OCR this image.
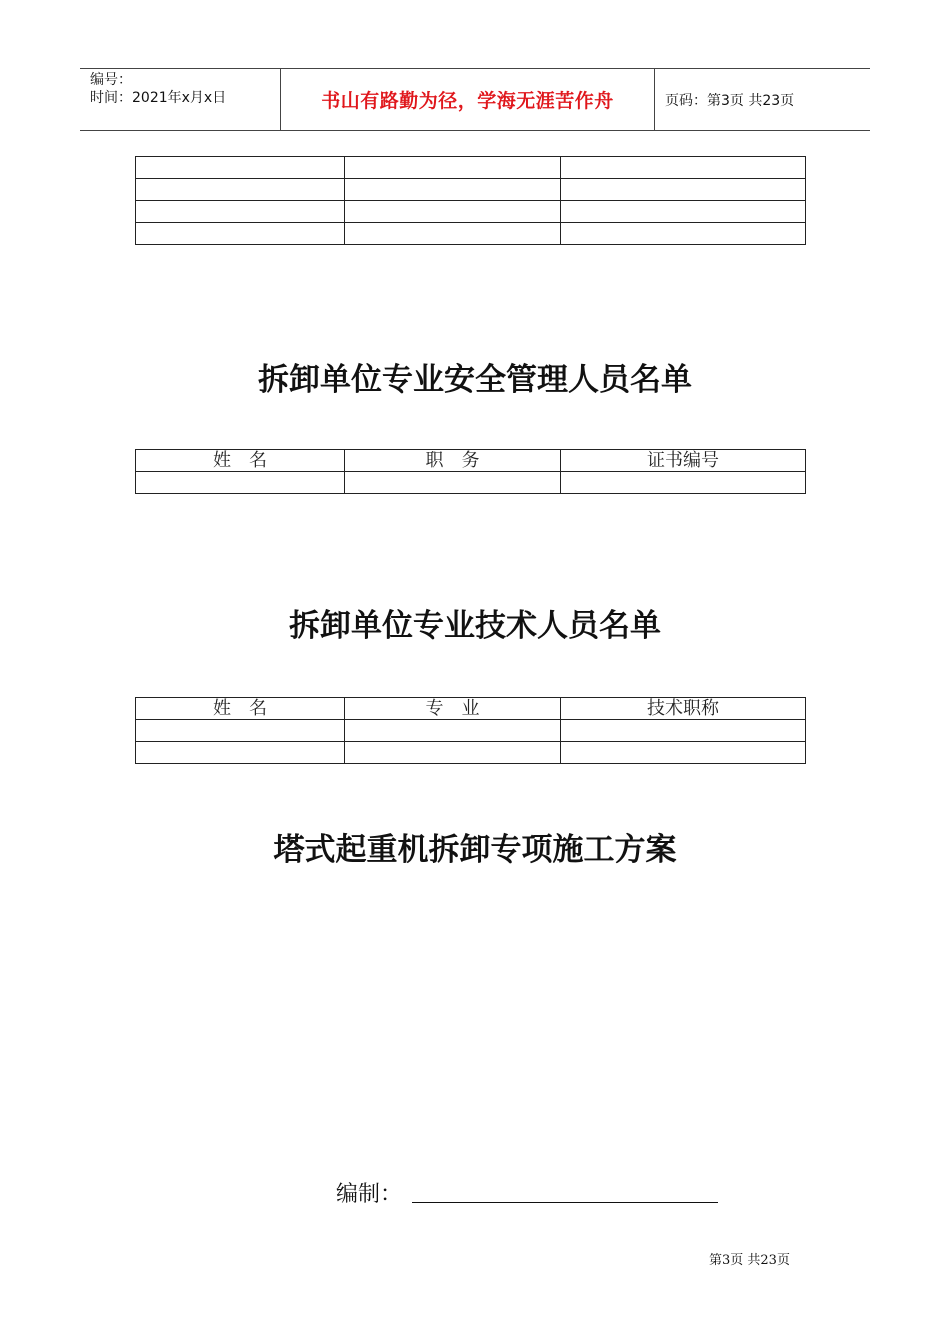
编号：
时间：2021年x月x日	书山有路勤为径，学海无涯苦作舟	页码：第3页 共23页

拆卸单位专业安全管理人员名单
姓　名	职　务	证书编号

拆卸单位专业技术人员名单
姓　名	专　业	技术职称

塔式起重机拆卸专项施工方案
编制：
第3页 共23页
